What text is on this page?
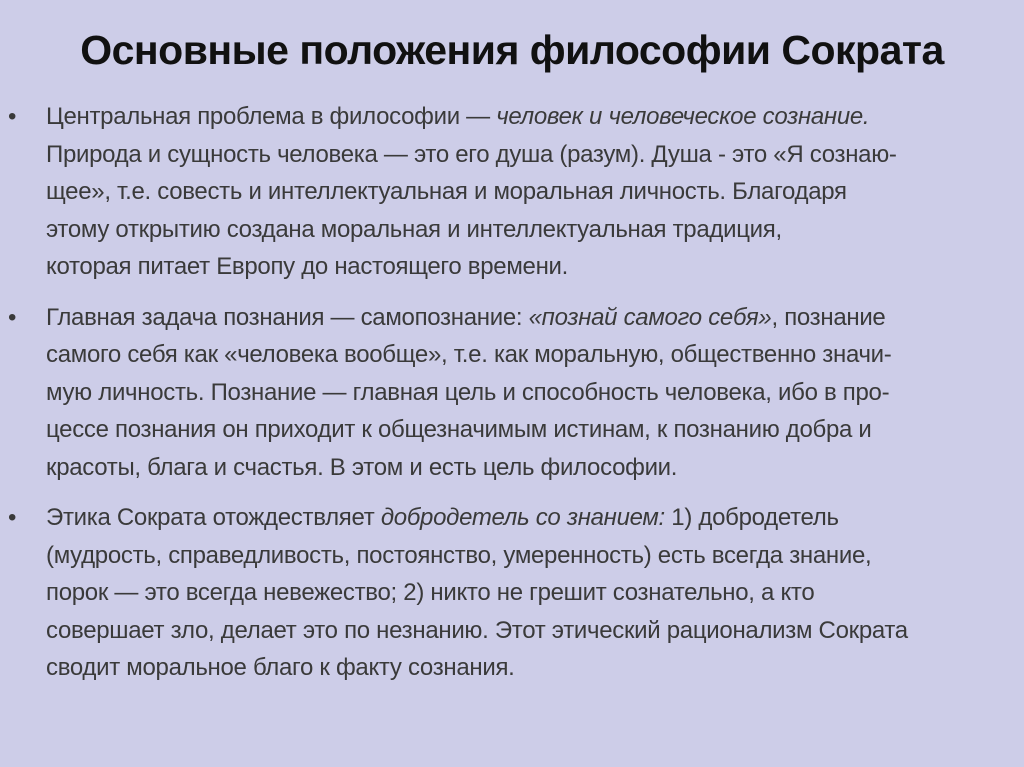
Основные положения философии Сократа
• Центральная проблема в философии — человек и человеческое сознание.
Природа и сущность человека — это его душа (разум). Душа - это «Я сознаю-
щее», т.е. совесть и интеллектуальная и моральная личность. Благодаря
этому открытию создана моральная и интеллектуальная традиция,
которая питает Европу до настоящего времени.
• Главная задача познания — самопознание: «познай самого себя», познание
самого себя как «человека вообще», т.е. как моральную, общественно значи-
мую личность. Познание — главная цель и способность человека, ибо в про-
цессе познания он приходит к общезначимым истинам, к познанию добра и
красоты, блага и счастья. В этом и есть цель философии.
• Этика Сократа отождествляет добродетель со знанием: 1) добродетель
(мудрость, справедливость, постоянство, умеренность) есть всегда знание,
порок — это всегда невежество; 2) никто не грешит сознательно, а кто
совершает зло, делает это по незнанию. Этот этический рационализм Сократа
сводит моральное благо к факту сознания.
